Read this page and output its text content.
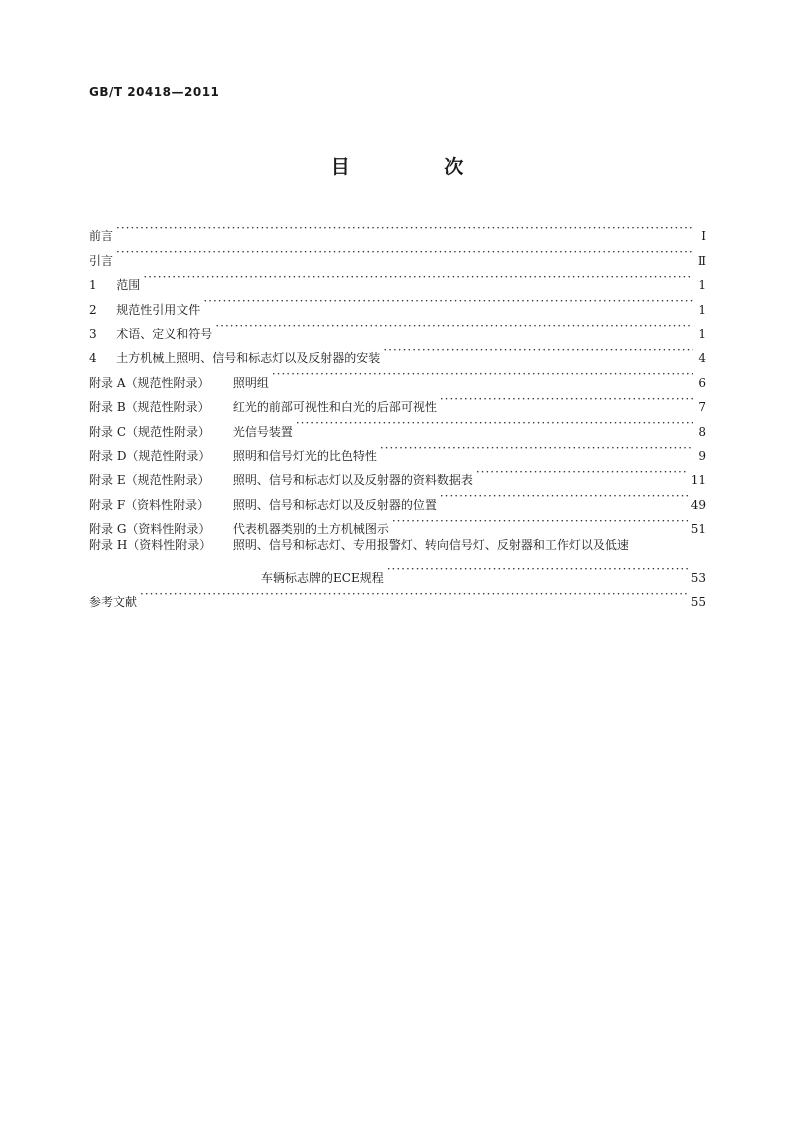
GB/T 20418—2011
目 次
前言 ·····	Ⅰ
引言 ·····	Ⅱ
1 范围 ·····	1
2 规范性引用文件 ·····	1
3 术语、定义和符号 ·····	1
4 土方机械上照明、信号和标志灯以及反射器的安装 ·····	4
附录 A（规范性附录） 照明组 ·····	6
附录 B（规范性附录） 红光的前部可视性和白光的后部可视性 ·····	7
附录 C（规范性附录） 光信号装置 ·····	8
附录 D（规范性附录） 照明和信号灯光的比色特性 ·····	9
附录 E（规范性附录） 照明、信号和标志灯以及反射器的资料数据表 ·····	11
附录 F（资料性附录） 照明、信号和标志灯以及反射器的位置 ·····	49
附录 G（资料性附录） 代表机器类别的土方机械图示 ·····	51
附录 H（资料性附录） 照明、信号和标志灯、专用报警灯、转向信号灯、反射器和工作灯以及低速
车辆标志牌的ECE规程 ·····	53
参考文献 ·····	55
